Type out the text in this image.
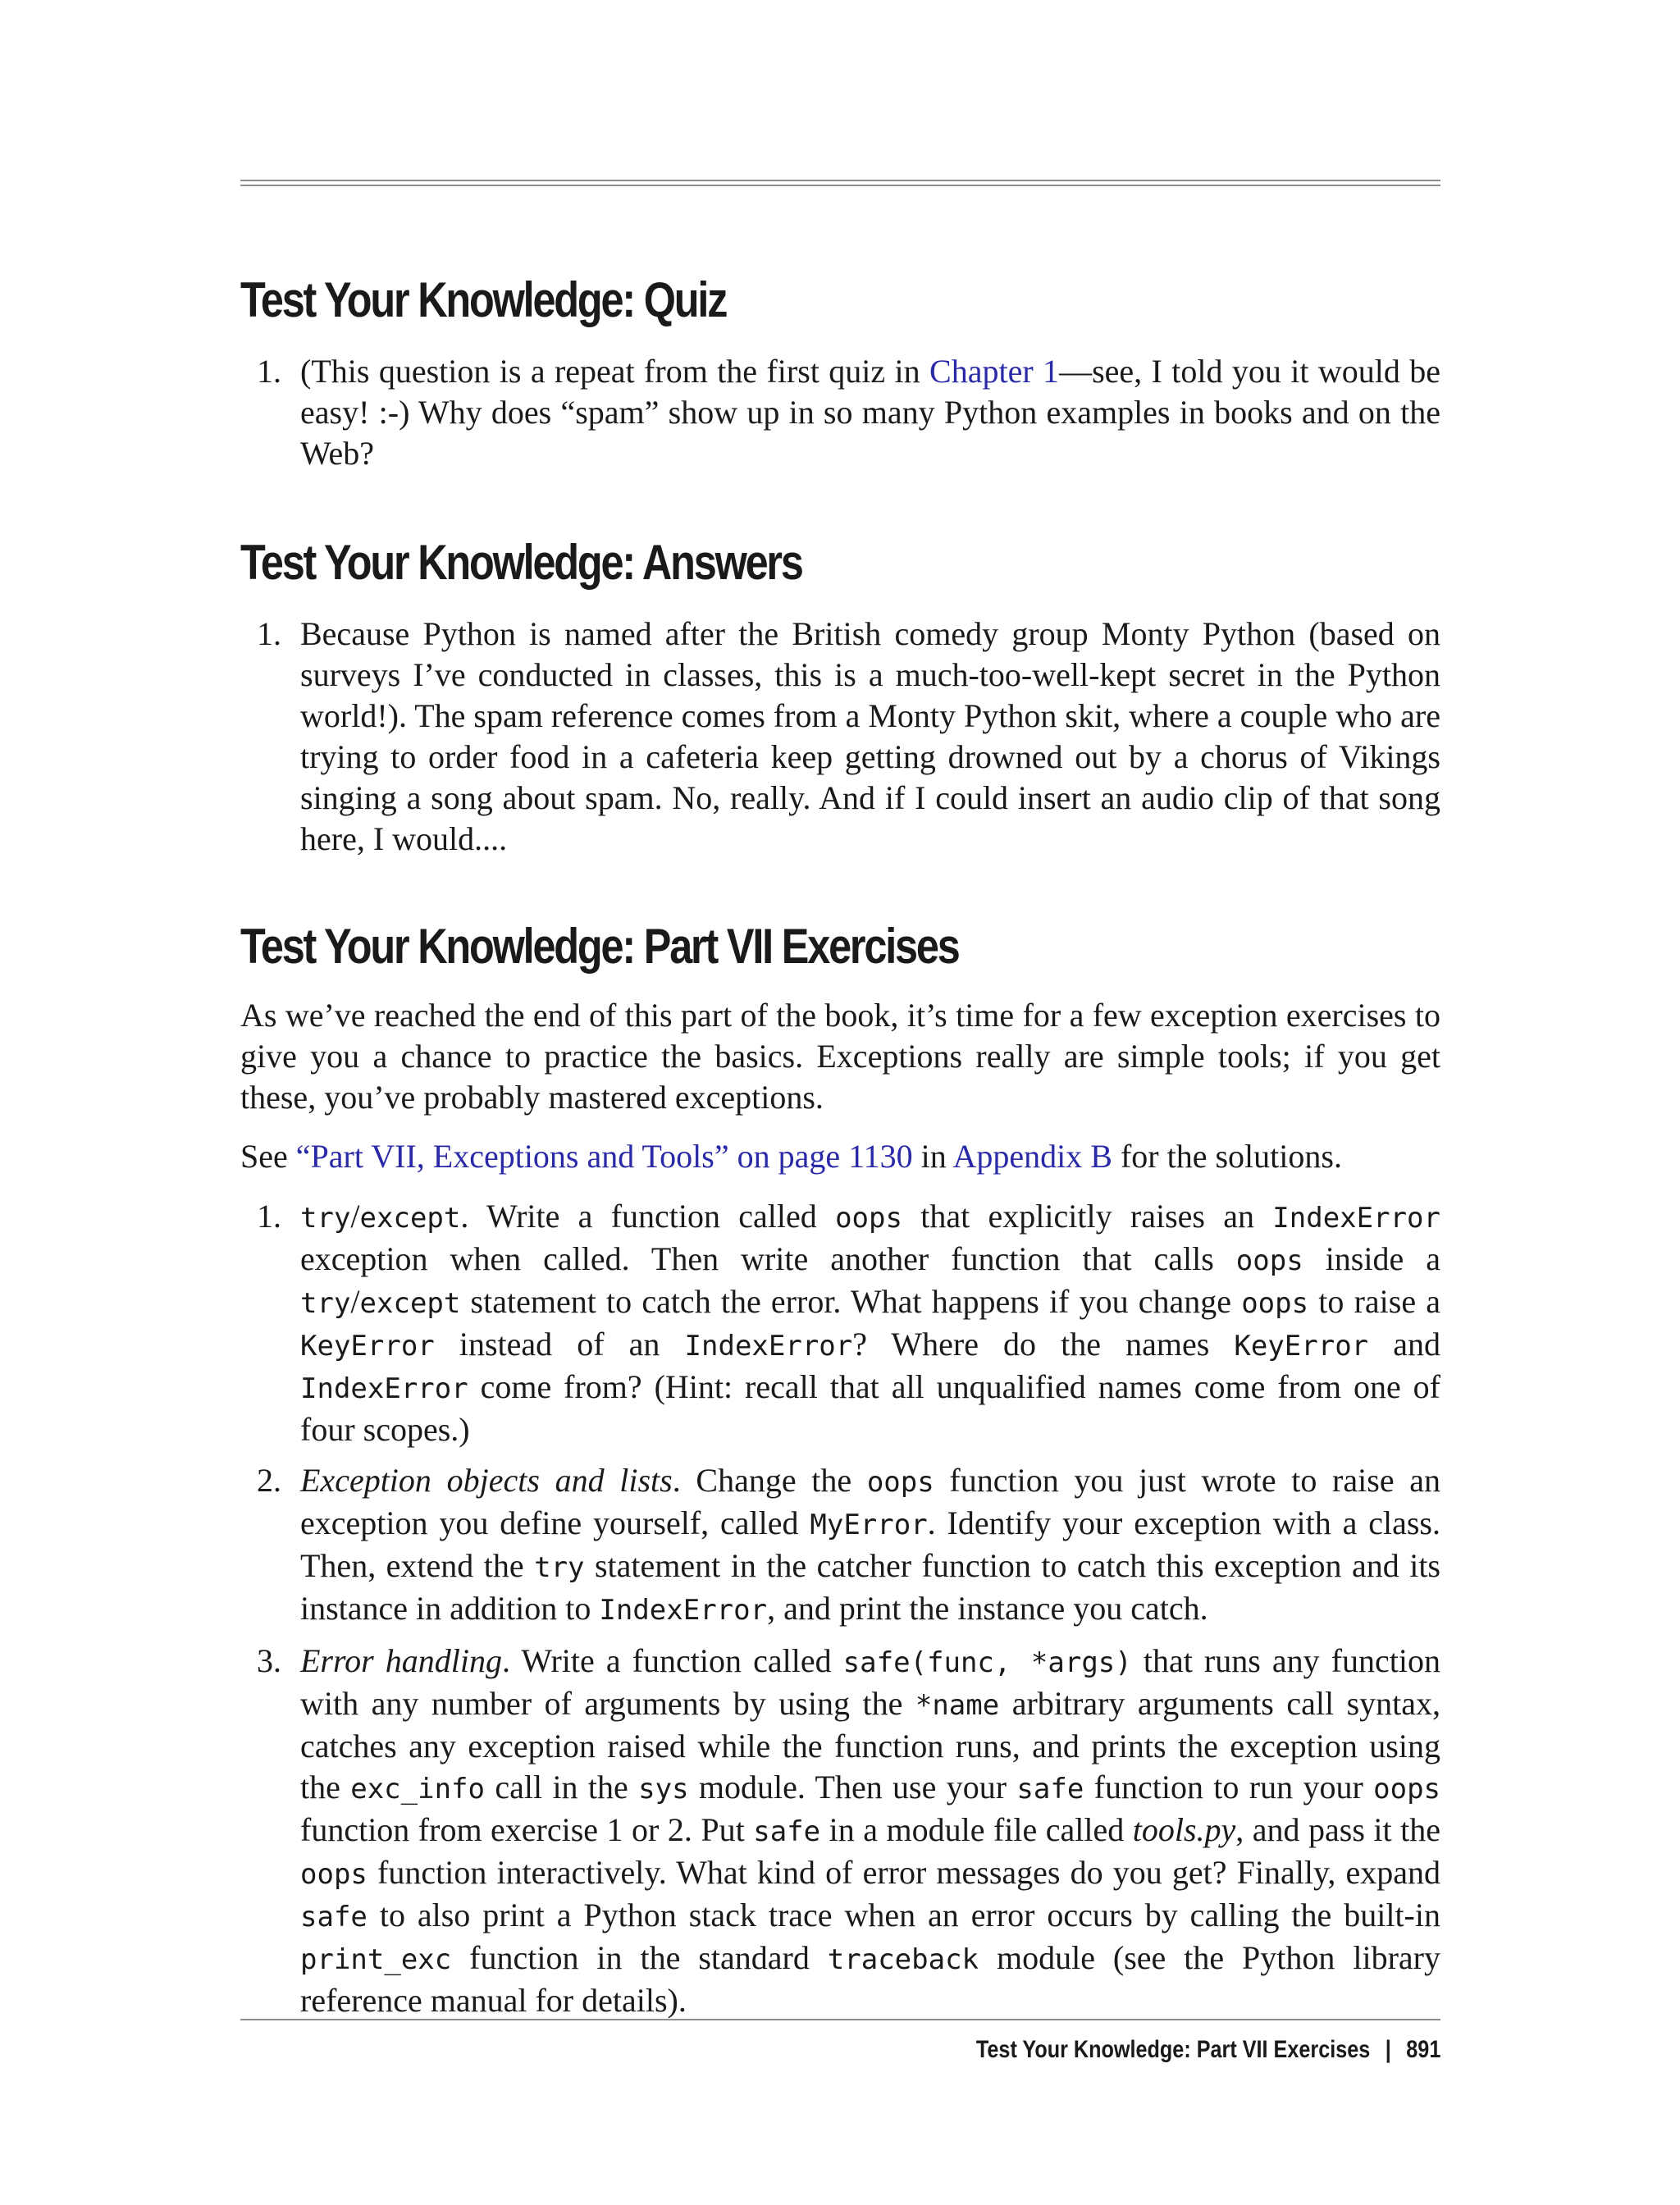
Test Your Knowledge: Quiz
1. (This question is a repeat from the first quiz in Chapter 1—see, I told you it would be easy! :-) Why does “spam” show up in so many Python examples in books and on the Web?
Test Your Knowledge: Answers
1. Because Python is named after the British comedy group Monty Python (based on surveys I’ve conducted in classes, this is a much-too-well-kept secret in the Python world!). The spam reference comes from a Monty Python skit, where a couple who are trying to order food in a cafeteria keep getting drowned out by a chorus of Vikings singing a song about spam. No, really. And if I could insert an audio clip of that song here, I would....
Test Your Knowledge: Part VII Exercises

As we’ve reached the end of this part of the book, it’s time for a few exception exercises to give you a chance to practice the basics. Exceptions really are simple tools; if you get these, you’ve probably mastered exceptions.

See “Part VII, Exceptions and Tools” on page 1130 in Appendix B for the solutions.

1. try/except. Write a function called oops that explicitly raises an IndexError exception when called. Then write another function that calls oops inside a try/except statement to catch the error. What happens if you change oops to raise a KeyError instead of an IndexError? Where do the names KeyError and IndexError come from? (Hint: recall that all unqualified names come from one of four scopes.)
2. Exception objects and lists. Change the oops function you just wrote to raise an exception you define yourself, called MyError. Identify your exception with a class. Then, extend the try statement in the catcher function to catch this exception and its instance in addition to IndexError, and print the instance you catch.
3. Error handling. Write a function called safe(func, *args) that runs any function with any number of arguments by using the *name arbitrary arguments call syntax, catches any exception raised while the function runs, and prints the exception using the exc_info call in the sys module. Then use your safe function to run your oops function from exercise 1 or 2. Put safe in a module file called tools.py, and pass it the oops function interactively. What kind of error messages do you get? Finally, expand safe to also print a Python stack trace when an error occurs by calling the built-in print_exc function in the standard traceback module (see the Python library reference manual for details).
Test Your Knowledge: Part VII Exercises | 891
